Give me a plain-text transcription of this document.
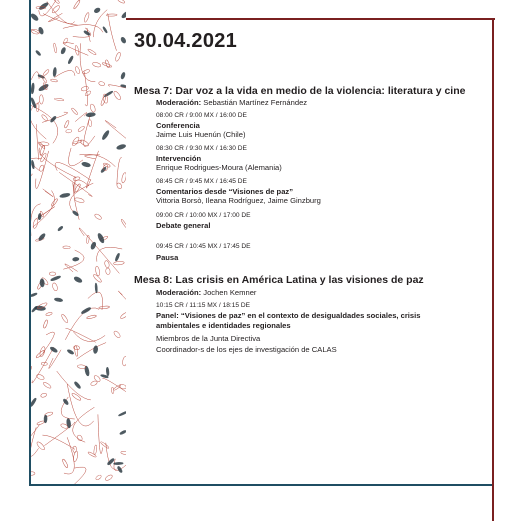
30.04.2021
Mesa 7: Dar voz a la vida en medio de la violencia: literatura y cine
Moderación: Sebastián Martínez Fernández
08:00 CR / 9:00 MX / 16:00 DE
Conferencia
Jaime Luis Huenún (Chile)
08:30 CR / 9:30 MX / 16:30 DE
Intervención
Enrique Rodrigues-Moura (Alemania)
08:45 CR / 9:45 MX / 16:45 DE
Comentarios desde “Visiones de paz”
Vittoria Borsò, Ileana Rodríguez, Jaime Ginzburg
09:00 CR / 10:00 MX / 17:00 DE
Debate general
09:45 CR / 10:45 MX / 17:45 DE
Pausa
Mesa 8: Las crisis en América Latina y las visiones de paz
Moderación: Jochen Kemner
10:15 CR / 11:15 MX / 18:15 DE
Panel: “Visiones de paz” en el contexto de desigualdades sociales, crisis
ambientales e identidades regionales
Miembros de la Junta Directiva
Coordinador-s de los ejes de investigación de CALAS
